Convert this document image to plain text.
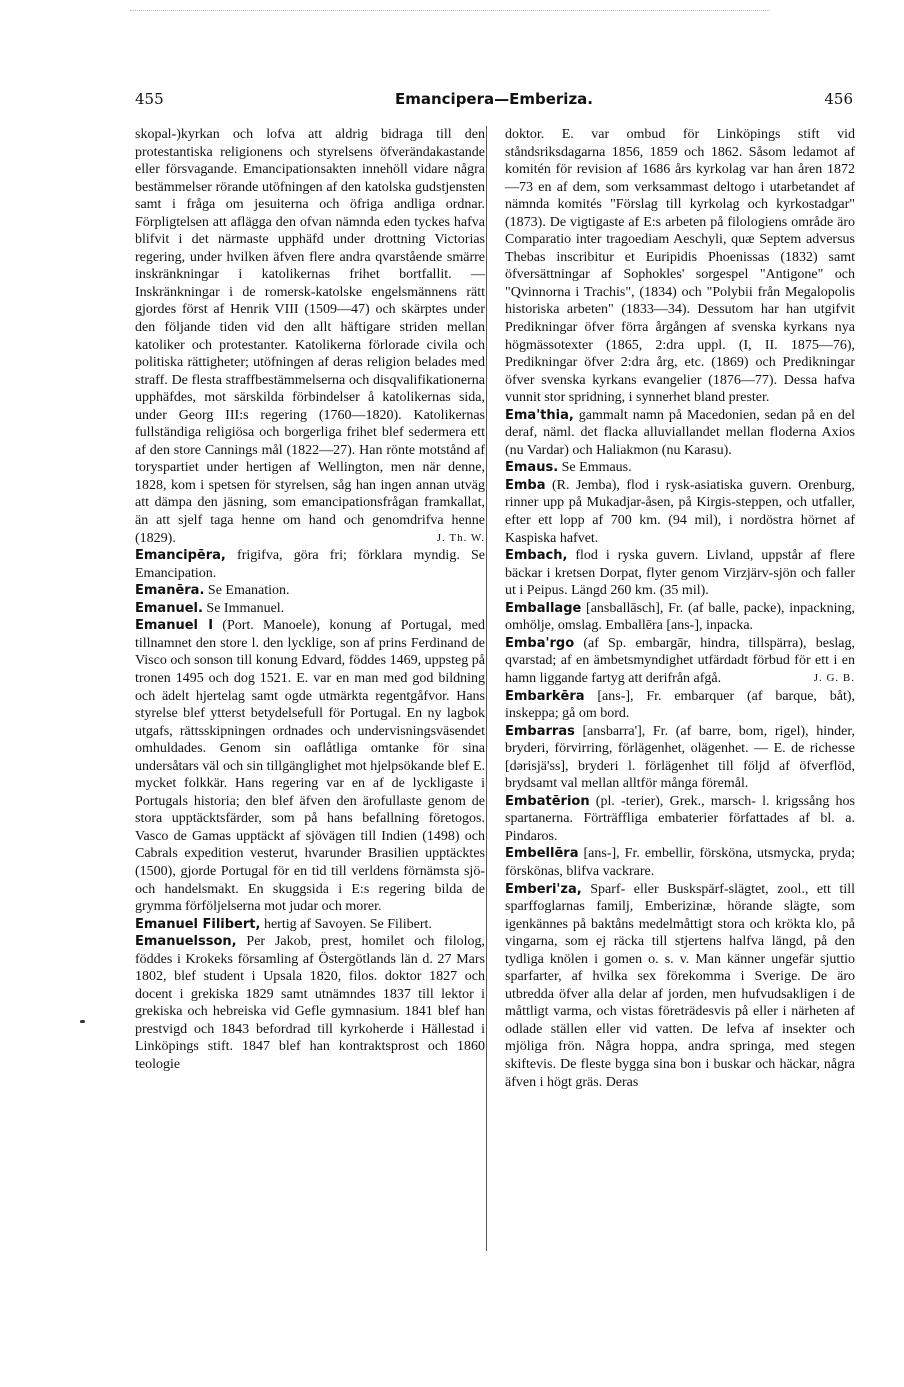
455	Emancipera—Emberiza.	456

skopal-)kyrkan och lofva att aldrig bidraga till den protestantiska religionens och styrelsens öfverändakastande eller försvagande. Emancipationsakten innehöll vidare några bestämmelser rörande utöfningen af den katolska gudstjensten samt i fråga om jesuiterna och öfriga andliga ordnar. Förpligtelsen att aflägga den ofvan nämnda eden tyckes hafva blifvit i det närmaste upphäfd under drottning Victorias regering, under hvilken äfven flere andra qvarstående smärre inskränkningar i katolikernas frihet bortfallit. — Inskränkningar i de romersk-katolske engelsmännens rätt gjordes först af Henrik VIII (1509—47) och skärptes under den följande tiden vid den allt häftigare striden mellan katoliker och protestanter. Katolikerna förlorade civila och politiska rättigheter; utöfningen af deras religion belades med straff. De flesta straffbestämmelserna och disqvalifikationerna upphäfdes, mot särskilda förbindelser å katolikernas sida, under Georg III:s regering (1760—1820). Katolikernas fullständiga religiösa och borgerliga frihet blef sedermera ett af den store Cannings mål (1822—27). Han rönte motstånd af toryspartiet under hertigen af Wellington, men när denne, 1828, kom i spetsen för styrelsen, såg han ingen annan utväg att dämpa den jäsning, som emancipationsfrågan framkallat, än att sjelf taga henne om hand och genomdrifva henne (1829).	J. Th. W.

Emancipēra, frigifva, göra fri; förklara myndig. Se Emancipation.

Emanēra. Se Emanation.

Emanuel. Se Immanuel.

Emanuel I (Port. Manoele), konung af Portugal, med tillnamnet den store l. den lycklige, son af prins Ferdinand de Visco och sonson till konung Edvard, föddes 1469, uppsteg på tronen 1495 och dog 1521. E. var en man med god bildning och ädelt hjertelag samt ogde utmärkta regentgåfvor. Hans styrelse blef ytterst betydelsefull för Portugal. En ny lagbok utgafs, rättsskipningen ordnades och undervisningsväsendet omhuldades. Genom sin oaflåtliga omtanke för sina undersåtars väl och sin tillgänglighet mot hjelpsökande blef E. mycket folkkär. Hans regering var en af de lyckligaste i Portugals historia; den blef äfven den ärofullaste genom de stora upptäcktsfärder, som på hans befallning företogos. Vasco de Gamas upptäckt af sjövägen till Indien (1498) och Cabrals expedition vesterut, hvarunder Brasilien upptäcktes (1500), gjorde Portugal för en tid till verldens förnämsta sjö- och handelsmakt. En skuggsida i E:s regering bilda de grymma förföljelserna mot judar och morer.

Emanuel Filibert, hertig af Savoyen. Se Filibert.

Emanuelsson, Per Jakob, prest, homilet och filolog, föddes i Krokeks församling af Östergötlands län d. 27 Mars 1802, blef student i Upsala 1820, filos. doktor 1827 och docent i grekiska 1829 samt utnämndes 1837 till lektor i grekiska och hebreiska vid Gefle gymnasium. 1841 blef han prestvigd och 1843 befordrad till kyrkoherde i Hällestad i Linköpings stift. 1847 blef han kontraktsprost och 1860 teologie

doktor. E. var ombud för Linköpings stift vid ståndsriksdagarna 1856, 1859 och 1862. Såsom ledamot af komitén för revision af 1686 års kyrkolag var han åren 1872—73 en af dem, som verksammast deltogo i utarbetandet af nämnda komités "Förslag till kyrkolag och kyrkostadgar" (1873). De vigtigaste af E:s arbeten på filologiens område äro Comparatio inter tragoediam Aeschyli, quæ Septem adversus Thebas inscribitur et Euripidis Phoenissas (1832) samt öfversättningar af Sophokles' sorgespel "Antigone" och "Qvinnorna i Trachis", (1834) och "Polybii från Megalopolis historiska arbeten" (1833—34). Dessutom har han utgifvit Predikningar öfver förra årgången af svenska kyrkans nya högmässotexter (1865, 2:dra uppl. (I, II. 1875—76), Predikningar öfver 2:dra årg, etc. (1869) och Predikningar öfver svenska kyrkans evangelier (1876—77). Dessa hafva vunnit stor spridning, i synnerhet bland prester.

Ema'thia, gammalt namn på Macedonien, sedan på en del deraf, näml. det flacka alluviallandet mellan floderna Axios (nu Vardar) och Haliakmon (nu Karasu).

Emaus. Se Emmaus.

Emba (R. Jemba), flod i rysk-asiatiska guvern. Orenburg, rinner upp på Mukadjar-åsen, på Kirgis-steppen, och utfaller, efter ett lopp af 700 km. (94 mil), i nordöstra hörnet af Kaspiska hafvet.

Embach, flod i ryska guvern. Livland, uppstår af flere bäckar i kretsen Dorpat, flyter genom Virzjärv-sjön och faller ut i Peipus. Längd 260 km. (35 mil).

Emballage [ansballāsch], Fr. (af balle, packe), inpackning, omhölje, omslag. Emballēra [ans-], inpacka.

Emba'rgo (af Sp. embargār, hindra, tillspärra), beslag, qvarstad; af en ämbetsmyndighet utfärdadt förbud för ett i en hamn liggande fartyg att derifrån afgå.	J. G. B.

Embarkēra [ans-], Fr. embarquer (af barque, båt), inskeppa; gå om bord.

Embarras [ansbarra'], Fr. (af barre, bom, rigel), hinder, bryderi, förvirring, förlägenhet, olägenhet. — E. de richesse [dərisjä'ss], bryderi l. förlägenhet till följd af öfverflöd, brydsamt val mellan alltför många föremål.

Embatērion (pl. -terier), Grek., marsch- l. krigssång hos spartanerna. Förträffliga embaterier författades af bl. a. Pindaros.

Embellēra [ans-], Fr. embellir, försköna, utsmycka, pryda; förskönas, blifva vackrare.

Emberi'za, Sparf- eller Buskspärf-slägtet, zool., ett till sparffoglarnas familj, Emberizinæ, hörande slägte, som igenkännes på baktåns medelmåttigt stora och krökta klo, på vingarna, som ej räcka till stjertens halfva längd, på den tydliga knölen i gomen o. s. v. Man känner ungefär sjuttio sparfarter, af hvilka sex förekomma i Sverige. De äro utbredda öfver alla delar af jorden, men hufvudsakligen i de måttligt varma, och vistas företrädesvis på eller i närheten af odlade ställen eller vid vatten. De lefva af insekter och mjöliga frön. Några hoppa, andra springa, med stegen skiftevis. De fleste bygga sina bon i buskar och häckar, några äfven i högt gräs. Deras
